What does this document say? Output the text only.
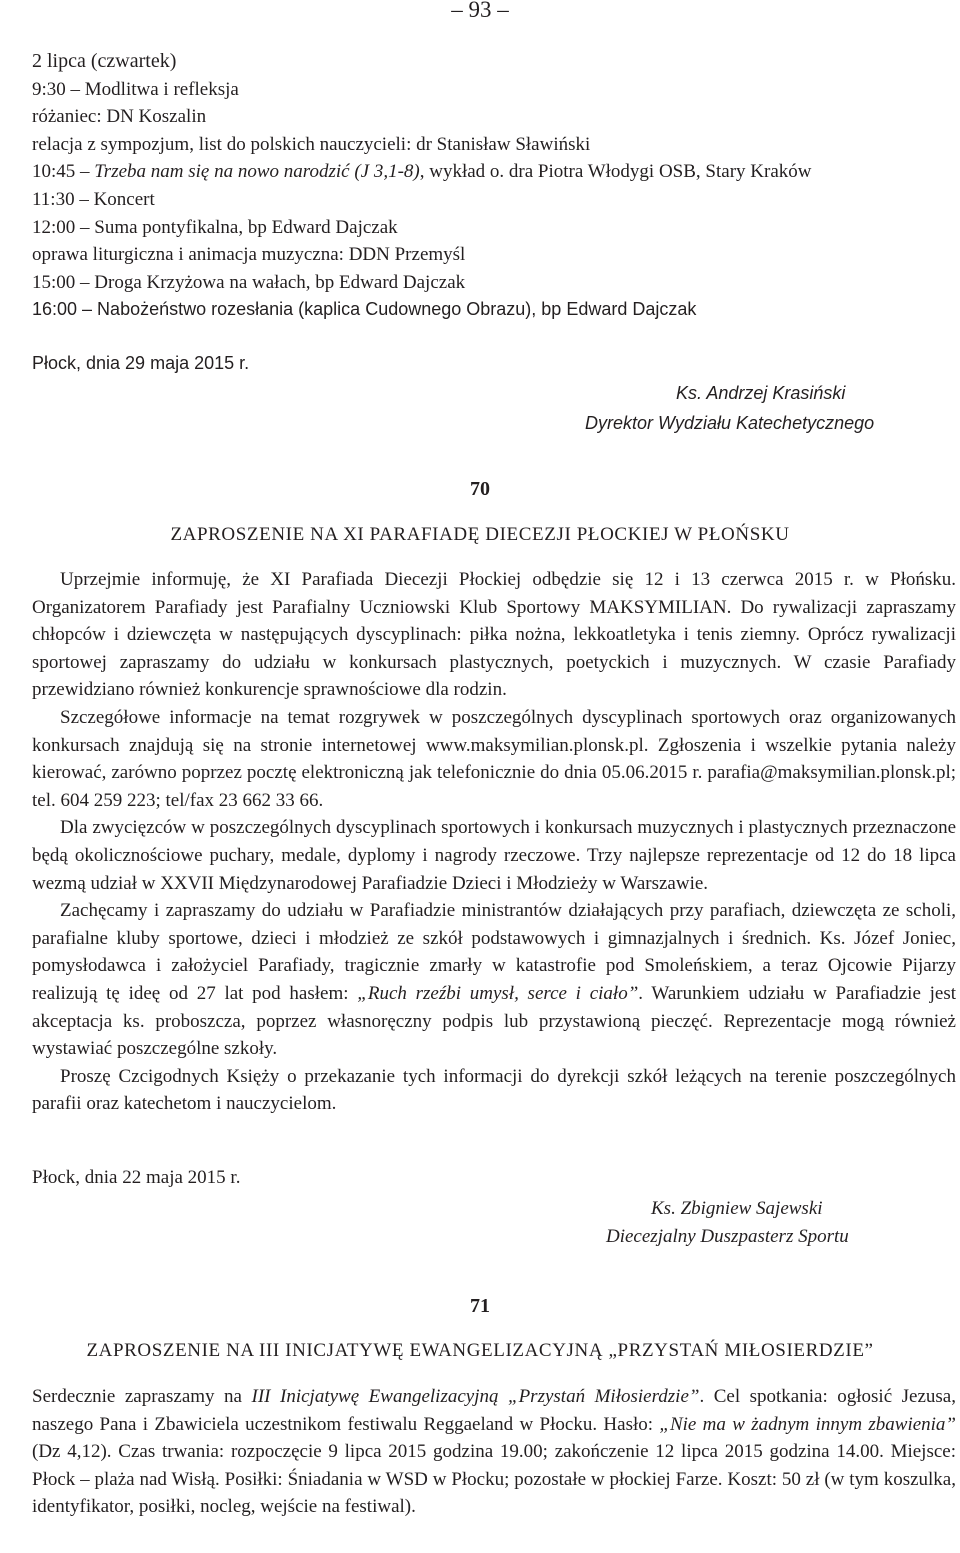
– 93 –

2 lipca (czwartek)

9:30 – Modlitwa i refleksja

różaniec: DN Koszalin

relacja z sympozjum, list do polskich nauczycieli: dr Stanisław Sławiński

10:45 – Trzeba nam się na nowo narodzić (J 3,1-8), wykład o. dra Piotra Włodygi OSB, Stary Kraków

11:30 – Koncert

12:00 – Suma pontyfikalna, bp Edward Dajczak

oprawa liturgiczna i animacja muzyczna: DDN Przemyśl

15:00 – Droga Krzyżowa na wałach, bp Edward Dajczak

16:00 – Nabożeństwo rozesłania (kaplica Cudownego Obrazu), bp Edward Dajczak

Płock, dnia 29 maja 2015 r.
Ks. Andrzej Krasiński
Dyrektor Wydziału Katechetycznego
70
ZAPROSZENIE NA XI PARAFIADĘ DIECEZJI PŁOCKIEJ W PŁOŃSKU

Uprzejmie informuję, że XI Parafiada Diecezji Płockiej odbędzie się 12 i 13 czerwca 2015 r. w Płońsku. Organizatorem Parafiady jest Parafialny Uczniowski Klub Sportowy MAKSYMILIAN. Do rywalizacji zapraszamy chłopców i dziewczęta w następujących dyscyplinach: piłka nożna, lekkoatletyka i tenis ziemny. Oprócz rywalizacji sportowej zapraszamy do udziału w konkursach plastycznych, poetyckich i muzycznych. W czasie Parafiady przewidziano również konkurencje sprawnościowe dla rodzin.

Szczegółowe informacje na temat rozgrywek w poszczególnych dyscyplinach sportowych oraz organizowanych konkursach znajdują się na stronie internetowej www.maksymilian.plonsk.pl. Zgłoszenia i wszelkie pytania należy kierować, zarówno poprzez pocztę elektroniczną jak telefonicznie do dnia 05.06.2015 r. parafia@maksymilian.plonsk.pl; tel. 604 259 223; tel/fax 23 662 33 66.

Dla zwycięzców w poszczególnych dyscyplinach sportowych i konkursach muzycznych i plastycznych przeznaczone będą okolicznościowe puchary, medale, dyplomy i nagrody rzeczowe. Trzy najlepsze reprezentacje od 12 do 18 lipca wezmą udział w XXVII Międzynarodowej Parafiadzie Dzieci i Młodzieży w Warszawie.

Zachęcamy i zapraszamy do udziału w Parafiadzie ministrantów działających przy parafiach, dziewczęta ze scholi, parafialne kluby sportowe, dzieci i młodzież ze szkół podstawowych i gimnazjalnych i średnich. Ks. Józef Joniec, pomysłodawca i założyciel Parafiady, tragicznie zmarły w katastrofie pod Smoleńskiem, a teraz Ojcowie Pijarzy realizują tę ideę od 27 lat pod hasłem: „Ruch rzeźbi umysł, serce i ciało”. Warunkiem udziału w Parafiadzie jest akceptacja ks. proboszcza, poprzez własnoręczny podpis lub przystawioną pieczęć. Reprezentacje mogą również wystawiać poszczególne szkoły.

Proszę Czcigodnych Księży o przekazanie tych informacji do dyrekcji szkół leżących na terenie poszczególnych parafii oraz katechetom i nauczycielom.

Płock, dnia 22 maja 2015 r.
Ks. Zbigniew Sajewski
Diecezjalny Duszpasterz Sportu
71
ZAPROSZENIE NA III INICJATYWĘ EWANGELIZACYJNĄ „PRZYSTAŃ MIŁOSIERDZIE”

Serdecznie zapraszamy na III Inicjatywę Ewangelizacyjną „Przystań Miłosierdzie”. Cel spotkania: ogłosić Jezusa, naszego Pana i Zbawiciela uczestnikom festiwalu Reggaeland w Płocku. Hasło: „Nie ma w żadnym innym zbawienia” (Dz 4,12). Czas trwania: rozpoczęcie 9 lipca 2015 godzina 19.00; zakończenie 12 lipca 2015 godzina 14.00. Miejsce: Płock – plaża nad Wisłą. Posiłki: Śniadania w WSD w Płocku; pozostałe w płockiej Farze. Koszt: 50 zł (w tym koszulka, identyfikator, posiłki, nocleg, wejście na festiwal).
